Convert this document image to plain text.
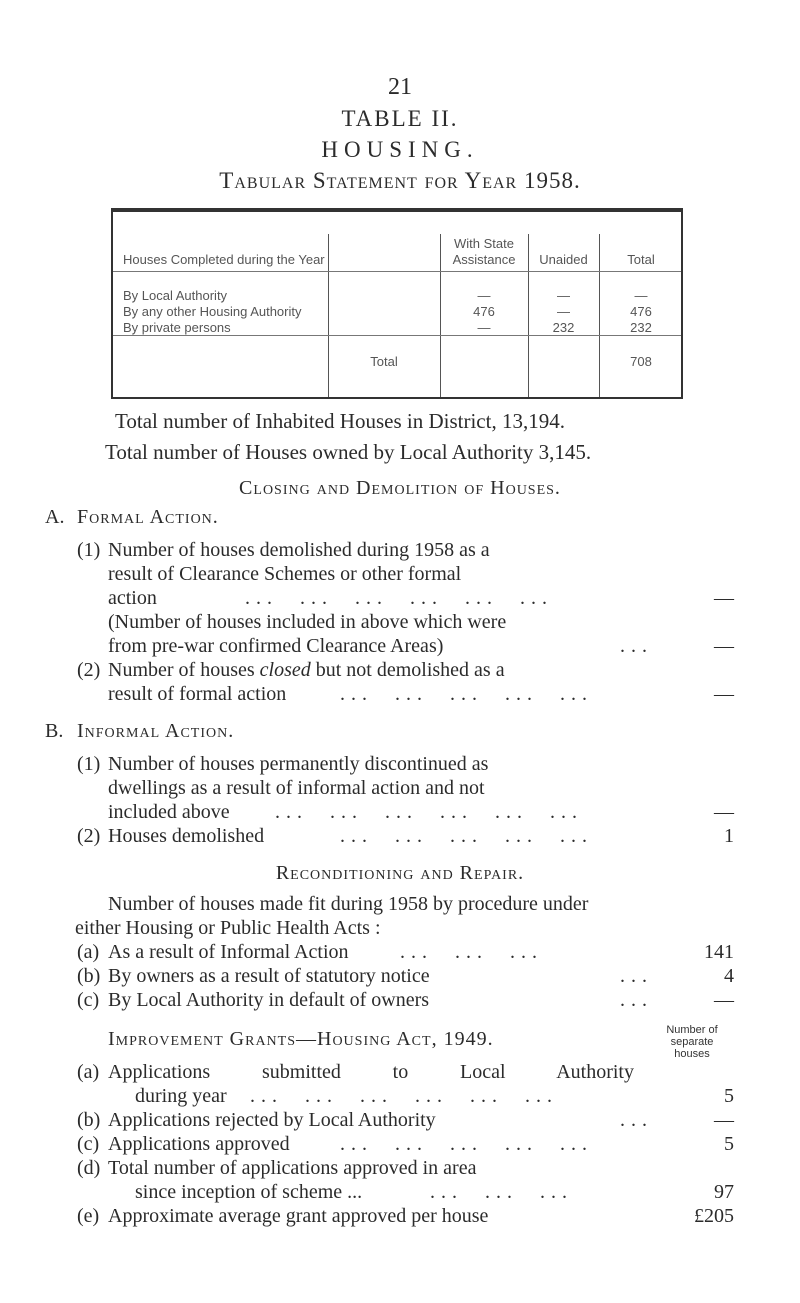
21
TABLE II.
HOUSING.
Tabular Statement for Year 1958.
Houses Completed during the Year
With State Assistance	Unaided	Total
By Local Authority	—	—	—
By any other Housing Authority	476	—	476
By private persons	—	232	232
Total	708
Total number of Inhabited Houses in District, 13,194.
Total number of Houses owned by Local Authority 3,145.
Closing and Demolition of Houses.
A. Formal Action.
(1) Number of houses demolished during 1958 as a
result of Clearance Schemes or other formal
action	...  ...  ...  ...  ...  ...	—
(Number of houses included in above which were
from pre-war confirmed Clearance Areas)	...	—
(2) Number of houses closed but not demolished as a
result of formal action	...  ...  ...  ...  ...	—
B. Informal Action.
(1) Number of houses permanently discontinued as
dwellings as a result of informal action and not
included above ...  ...  ...  ...  ...  ...	—
(2) Houses demolished	...  ...  ...  ...  ...	1
Reconditioning and Repair.
Number of houses made fit during 1958 by procedure under
either Housing or Public Health Acts :
(a) As a result of Informal Action	...  ...  ...	141
(b) By owners as a result of statutory notice	...	4
(c) By Local Authority in default of owners	...	—
Improvement Grants—Housing Act, 1949.	Number of
separate
houses
(a) Applications submitted to Local Authority
during year ...  ...  ...  ...  ...  ...	5
(b) Applications rejected by Local Authority	...	—
(c) Applications approved	...  ...  ...  ...  ...	5
(d) Total number of applications approved in area
since inception of scheme ...	...  ...  ...	97
(e) Approximate average grant approved per house	£205
